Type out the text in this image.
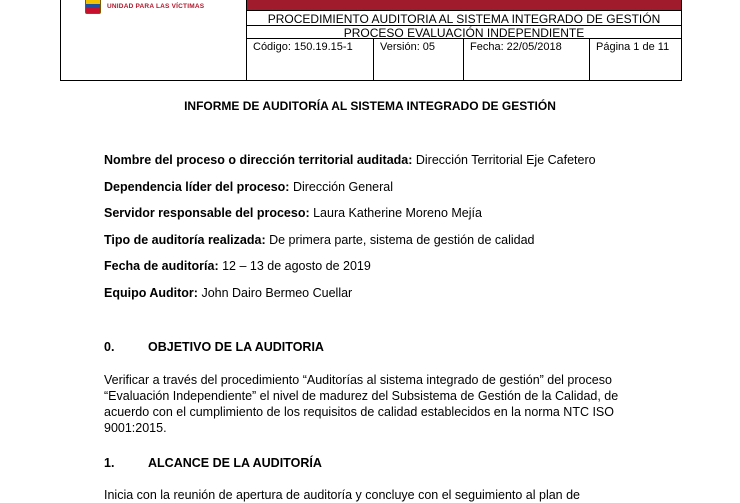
UNIDAD PARA LAS VÍCTIMAS
PROCEDIMIENTO AUDITORIA AL SISTEMA INTEGRADO DE GESTIÓN
PROCESO EVALUACIÓN INDEPENDIENTE
Código: 150.19.15-1	Versión: 05	Fecha: 22/05/2018	Página 1 de 11
INFORME DE AUDITORÍA AL SISTEMA INTEGRADO DE GESTIÓN
Nombre del proceso o dirección territorial auditada: Dirección Territorial Eje Cafetero
Dependencia líder del proceso: Dirección General
Servidor responsable del proceso: Laura Katherine Moreno Mejía
Tipo de auditoría realizada: De primera parte, sistema de gestión de calidad
Fecha de auditoría: 12 – 13 de agosto de 2019
Equipo Auditor: John Dairo Bermeo Cuellar
0.	OBJETIVO DE LA AUDITORIA
Verificar a través del procedimiento “Auditorías al sistema integrado de gestión” del proceso “Evaluación Independiente” el nivel de madurez del Subsistema de Gestión de la Calidad, de acuerdo con el cumplimiento de los requisitos de calidad establecidos en la norma NTC ISO 9001:2015.
1.	ALCANCE DE LA AUDITORÍA
Inicia con la reunión de apertura de auditoría y concluye con el seguimiento al plan de
